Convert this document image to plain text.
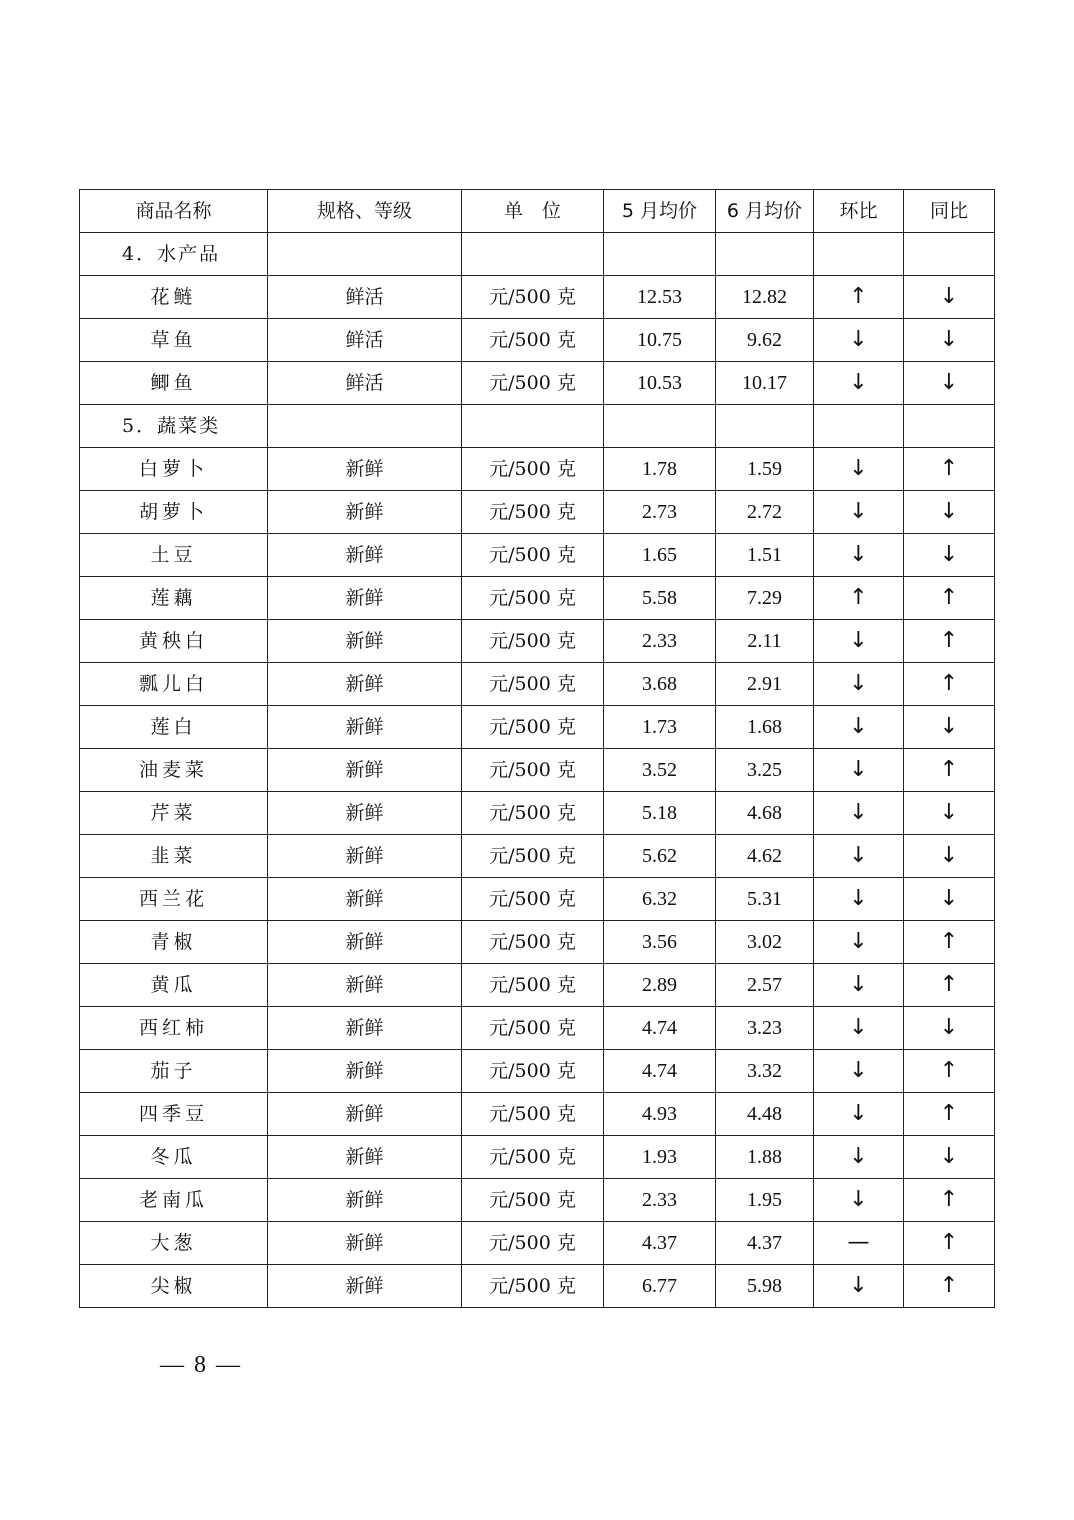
商品名称	规格、等级	单　位	5 月均价	6 月均价	环比	同比
4．水产品						
花鲢	鲜活	元/500 克	12.53	12.82	↑	↓
草鱼	鲜活	元/500 克	10.75	9.62	↓	↓
鲫鱼	鲜活	元/500 克	10.53	10.17	↓	↓
5．蔬菜类						
白萝卜	新鲜	元/500 克	1.78	1.59	↓	↑
胡萝卜	新鲜	元/500 克	2.73	2.72	↓	↓
土豆	新鲜	元/500 克	1.65	1.51	↓	↓
莲藕	新鲜	元/500 克	5.58	7.29	↑	↑
黄秧白	新鲜	元/500 克	2.33	2.11	↓	↑
瓢儿白	新鲜	元/500 克	3.68	2.91	↓	↑
莲白	新鲜	元/500 克	1.73	1.68	↓	↓
油麦菜	新鲜	元/500 克	3.52	3.25	↓	↑
芹菜	新鲜	元/500 克	5.18	4.68	↓	↓
韭菜	新鲜	元/500 克	5.62	4.62	↓	↓
西兰花	新鲜	元/500 克	6.32	5.31	↓	↓
青椒	新鲜	元/500 克	3.56	3.02	↓	↑
黄瓜	新鲜	元/500 克	2.89	2.57	↓	↑
西红柿	新鲜	元/500 克	4.74	3.23	↓	↓
茄子	新鲜	元/500 克	4.74	3.32	↓	↑
四季豆	新鲜	元/500 克	4.93	4.48	↓	↑
冬瓜	新鲜	元/500 克	1.93	1.88	↓	↓
老南瓜	新鲜	元/500 克	2.33	1.95	↓	↑
大葱	新鲜	元/500 克	4.37	4.37	—	↑
尖椒	新鲜	元/500 克	6.77	5.98	↓	↑
— 8 —
